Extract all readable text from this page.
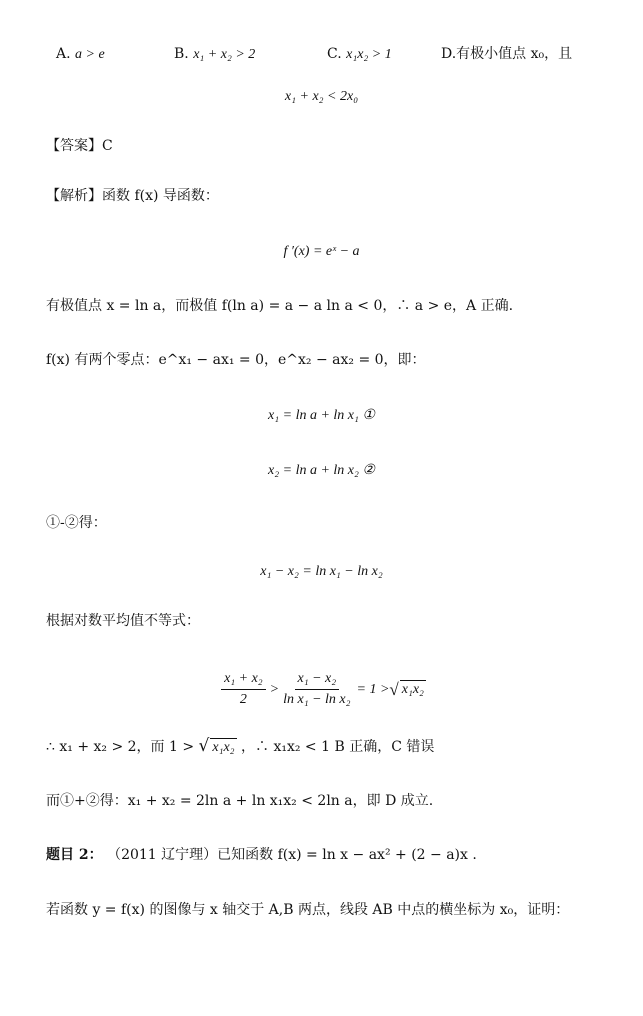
A. a > e	B. x₁ + x₂ > 2	C. x₁x₂ > 1	D.有极小值点 x₀，且
x₁ + x₂ < 2x₀
【答案】C
【解析】函数 f(x) 导函数：
f ′(x) = eˣ − a
有极值点 x = ln a，而极值 f(ln a) = a − a ln a < 0，∴ a > e，A 正确.
f(x) 有两个零点：e^x₁ − ax₁ = 0，e^x₂ − ax₂ = 0，即：
x₁ = ln a + ln x₁ ①
x₂ = ln a + ln x₂ ②
①-②得：
x₁ − x₂ = ln x₁ − ln x₂
根据对数平均值不等式：
$\frac{\text{x₁ + x₂}}{2} > \frac{\text{x₁ − x₂}}{\text{ln x₁ − ln x₂}} = 1$ > √ x₁x₂
∴ x₁ + x₂ > 2，而 1 > √ x₁x₂ ，∴ x₁x₂ < 1 B 正确，C 错误
而①+②得：x₁ + x₂ = 2ln a + ln x₁x₂ < 2ln a，即 D 成立.
题目 2： （2011 辽宁理）已知函数 f(x) = ln x − ax² + (2 − a)x .
若函数 y = f(x) 的图像与 x 轴交于 A,B 两点，线段 AB 中点的横坐标为 x₀，证明：
